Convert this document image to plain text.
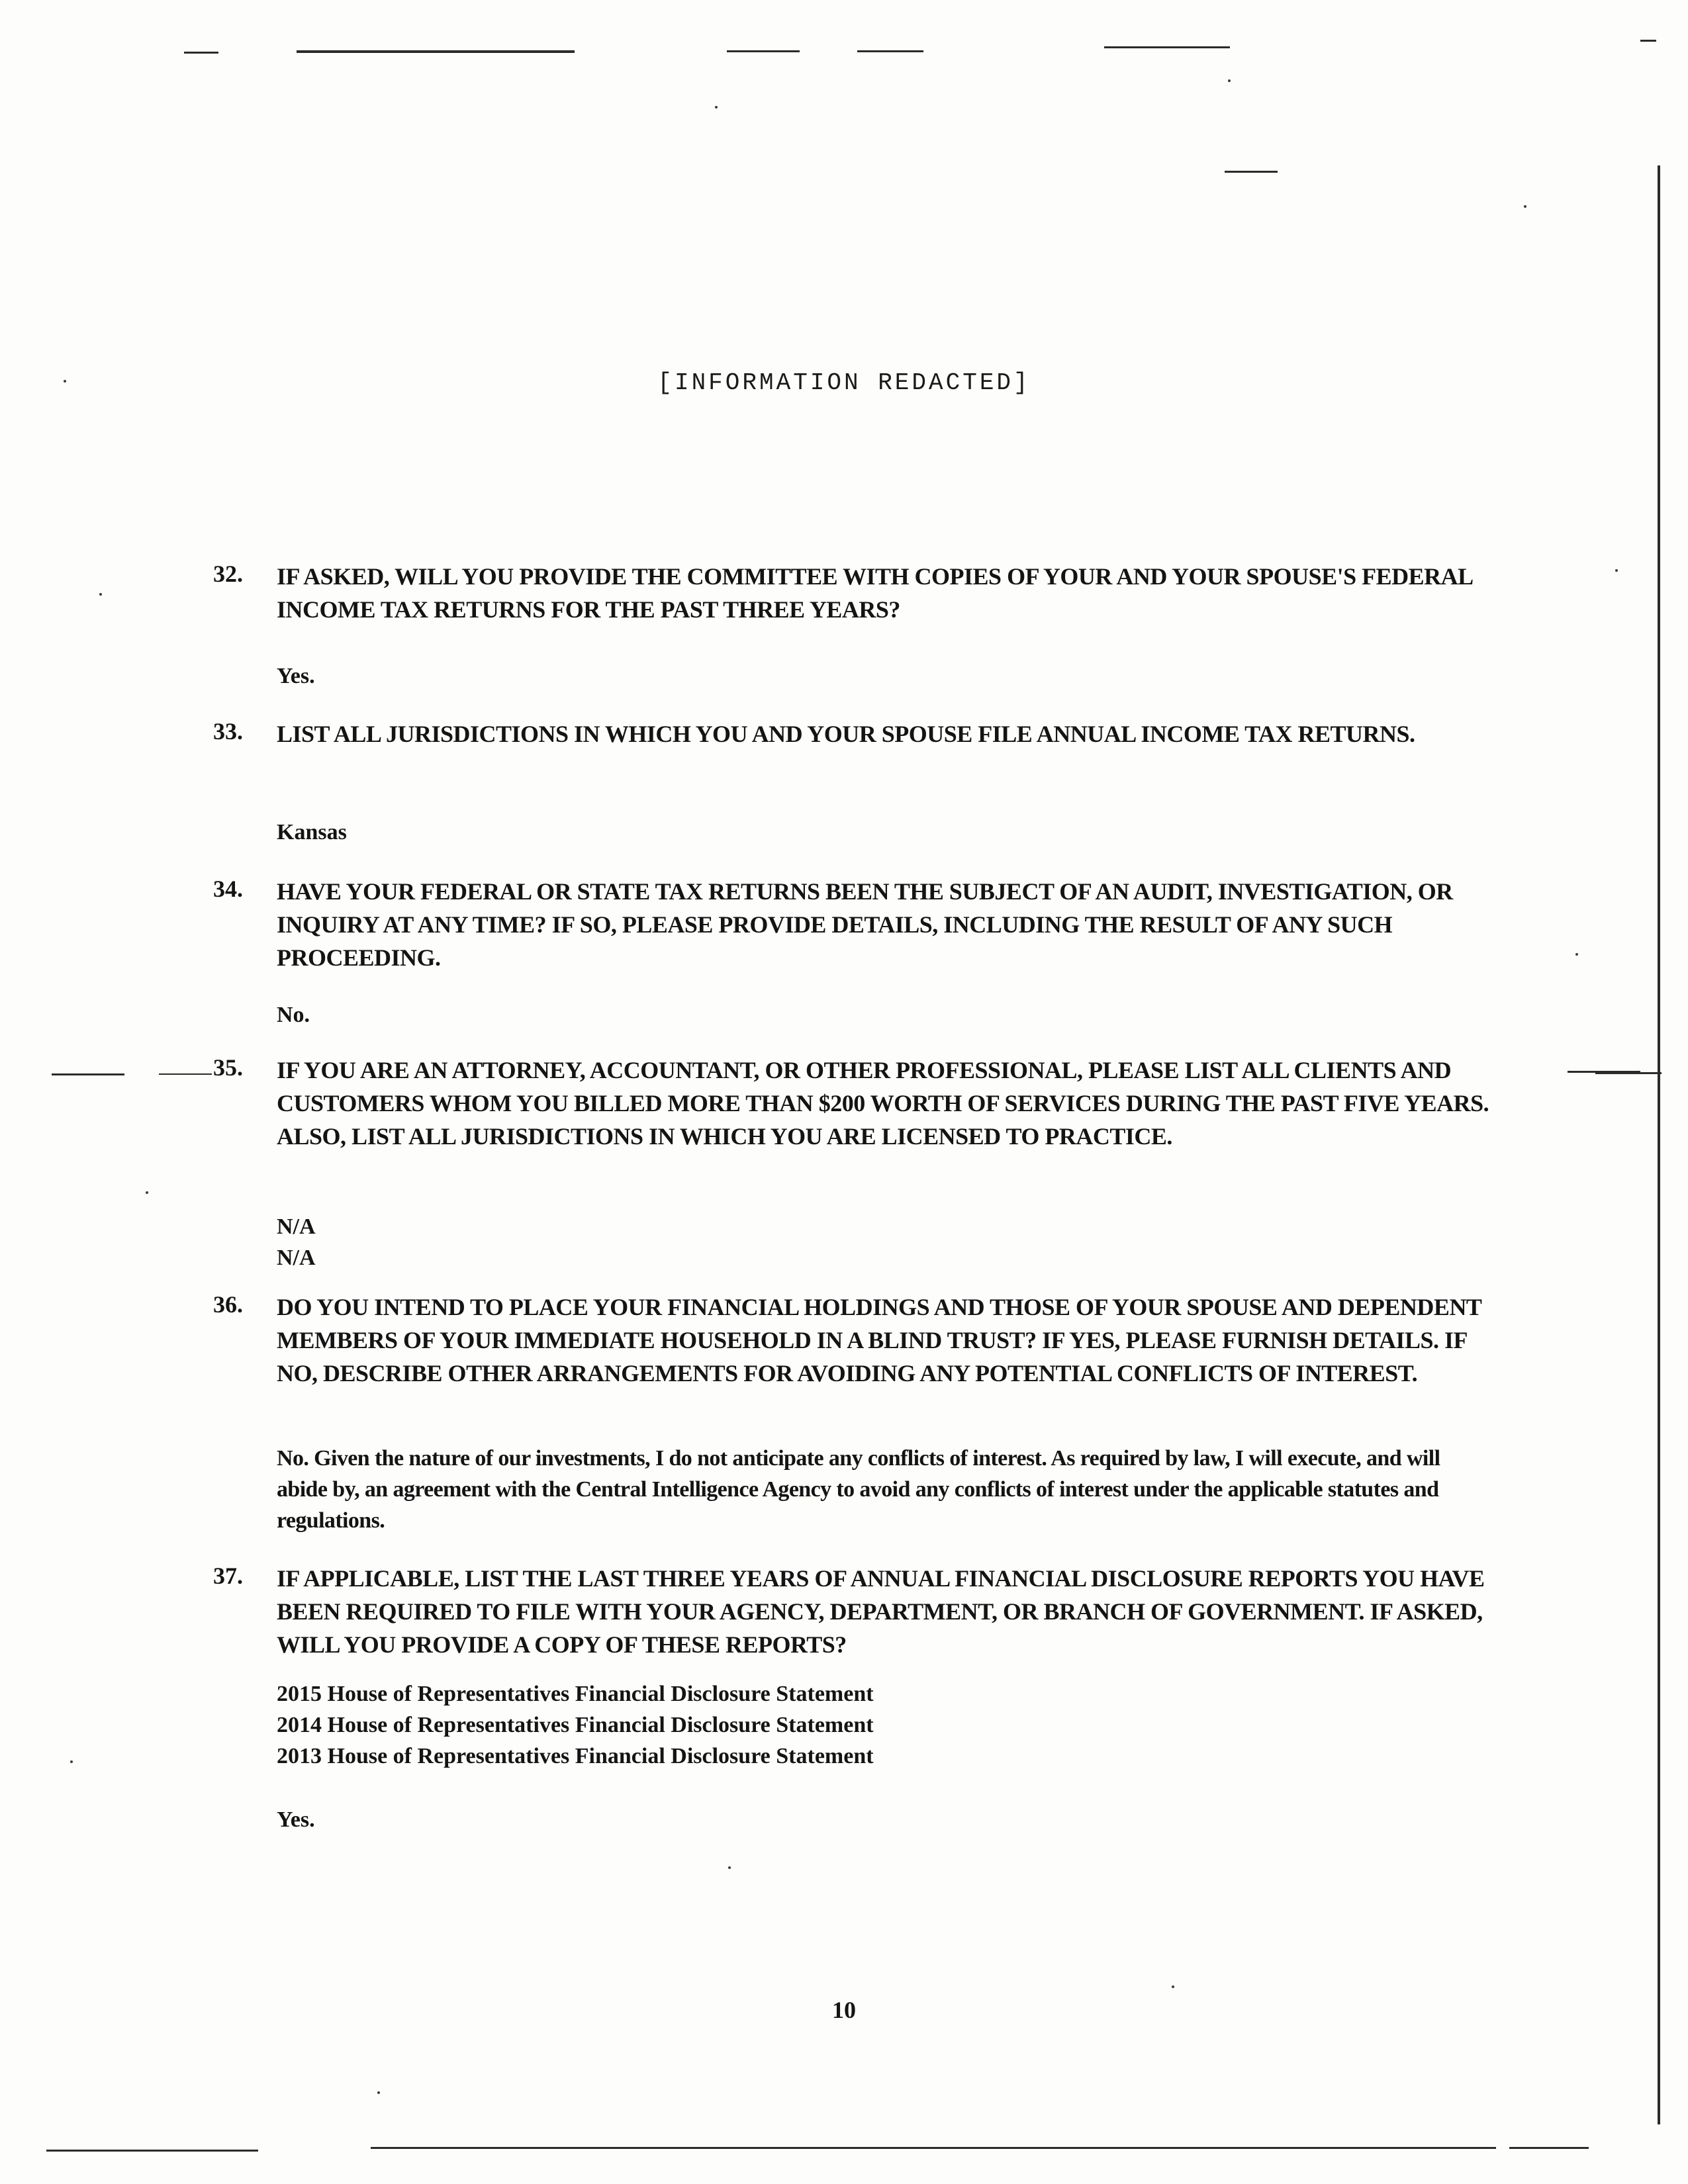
[INFORMATION REDACTED]
32.	IF ASKED, WILL YOU PROVIDE THE COMMITTEE WITH COPIES OF YOUR AND YOUR SPOUSE'S FEDERAL INCOME TAX RETURNS FOR THE PAST THREE YEARS?
Yes.
33.	LIST ALL JURISDICTIONS IN WHICH YOU AND YOUR SPOUSE FILE ANNUAL INCOME TAX RETURNS.
Kansas
34.	HAVE YOUR FEDERAL OR STATE TAX RETURNS BEEN THE SUBJECT OF AN AUDIT, INVESTIGATION, OR INQUIRY AT ANY TIME? IF SO, PLEASE PROVIDE DETAILS, INCLUDING THE RESULT OF ANY SUCH PROCEEDING.
No.
35.	IF YOU ARE AN ATTORNEY, ACCOUNTANT, OR OTHER PROFESSIONAL, PLEASE LIST ALL CLIENTS AND CUSTOMERS WHOM YOU BILLED MORE THAN $200 WORTH OF SERVICES DURING THE PAST FIVE YEARS. ALSO, LIST ALL JURISDICTIONS IN WHICH YOU ARE LICENSED TO PRACTICE.
N/A
N/A
36.	DO YOU INTEND TO PLACE YOUR FINANCIAL HOLDINGS AND THOSE OF YOUR SPOUSE AND DEPENDENT MEMBERS OF YOUR IMMEDIATE HOUSEHOLD IN A BLIND TRUST? IF YES, PLEASE FURNISH DETAILS. IF NO, DESCRIBE OTHER ARRANGEMENTS FOR AVOIDING ANY POTENTIAL CONFLICTS OF INTEREST.
No. Given the nature of our investments, I do not anticipate any conflicts of interest. As required by law, I will execute, and will abide by, an agreement with the Central Intelligence Agency to avoid any conflicts of interest under the applicable statutes and regulations.
37.	IF APPLICABLE, LIST THE LAST THREE YEARS OF ANNUAL FINANCIAL DISCLOSURE REPORTS YOU HAVE BEEN REQUIRED TO FILE WITH YOUR AGENCY, DEPARTMENT, OR BRANCH OF GOVERNMENT. IF ASKED, WILL YOU PROVIDE A COPY OF THESE REPORTS?
2015 House of Representatives Financial Disclosure Statement
2014 House of Representatives Financial Disclosure Statement
2013 House of Representatives Financial Disclosure Statement
Yes.
10
